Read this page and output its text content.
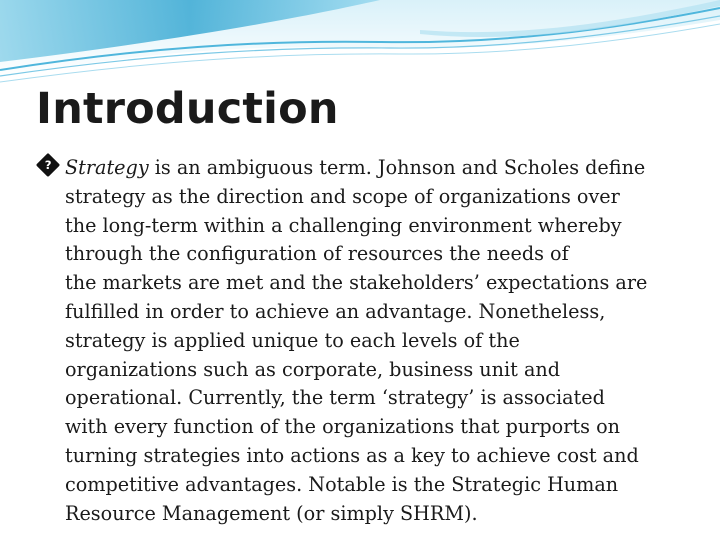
Introduction
? Strategy is an ambiguous term. Johnson and Scholes define
strategy as the direction and scope of organizations over
the long-term within a challenging environment whereby
through the configuration of resources the needs of
the markets are met and the stakeholders’ expectations are
fulfilled in order to achieve an advantage. Nonetheless,
strategy is applied unique to each levels of the
organizations such as corporate, business unit and
operational. Currently, the term ‘strategy’ is associated
with every function of the organizations that purports on
turning strategies into actions as a key to achieve cost and
competitive advantages. Notable is the Strategic Human
Resource Management (or simply SHRM).
